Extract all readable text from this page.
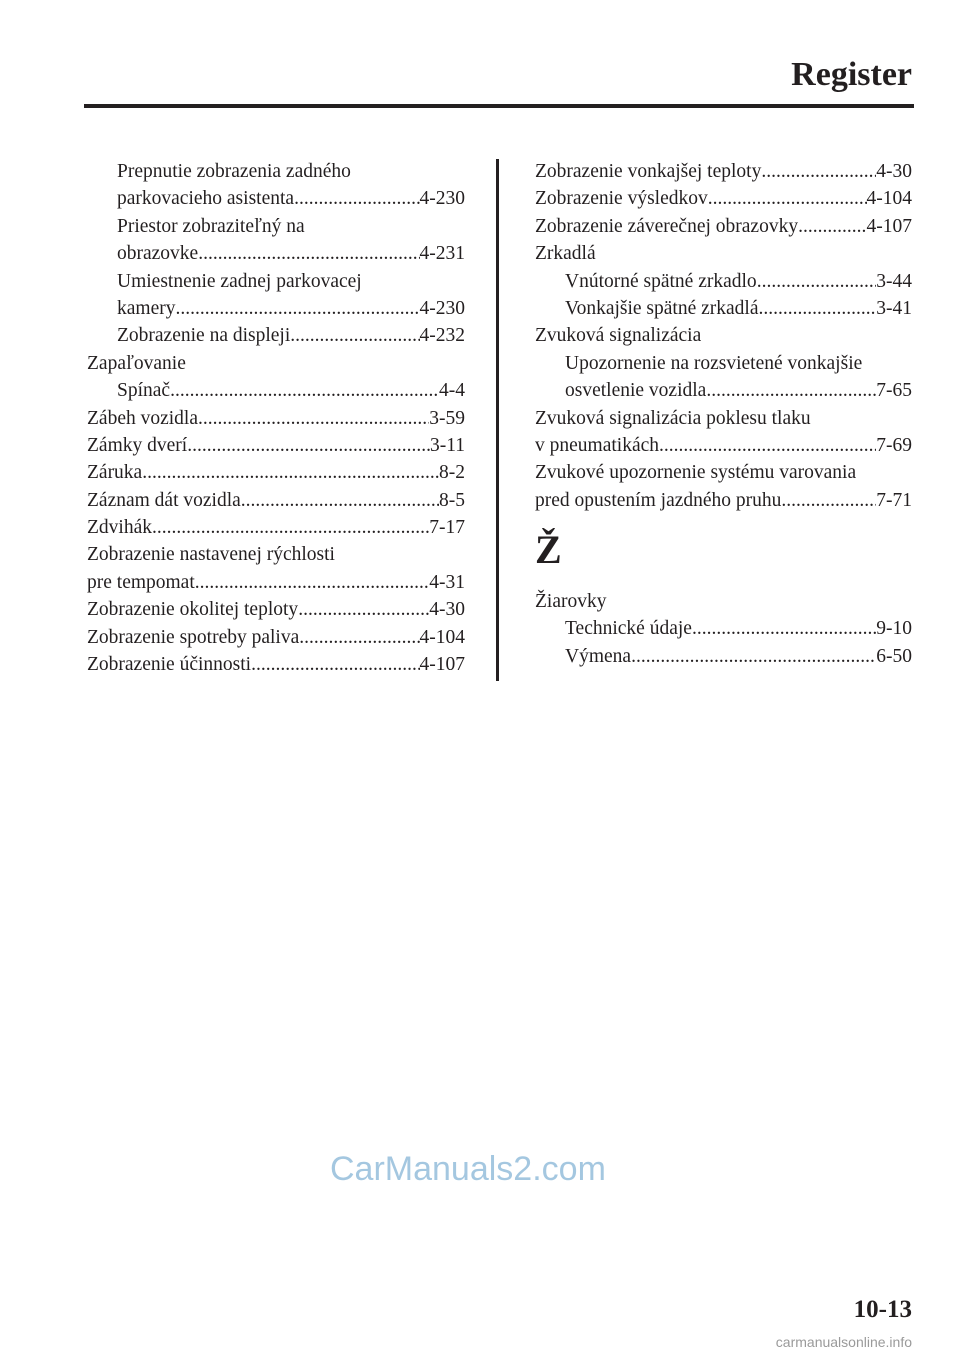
Register
Prepnutie zobrazenia zadného
parkovacieho asistenta .....	4-230
Priestor zobraziteľný na
obrazovke .....	4-231
Umiestnenie zadnej parkovacej
kamery .....	4-230
Zobrazenie na displeji .....	4-232
Zapaľovanie
Spínač .....	4-4
Zábeh vozidla .....	3-59
Zámky dverí .....	3-11
Záruka .....	8-2
Záznam dát vozidla .....	8-5
Zdvihák .....	7-17
Zobrazenie nastavenej rýchlosti
pre tempomat .....	4-31
Zobrazenie okolitej teploty .....	4-30
Zobrazenie spotreby paliva .....	4-104
Zobrazenie účinnosti .....	4-107
Zobrazenie vonkajšej teploty .....	4-30
Zobrazenie výsledkov .....	4-104
Zobrazenie záverečnej obrazovky .....	4-107
Zrkadlá
Vnútorné spätné zrkadlo .....	3-44
Vonkajšie spätné zrkadlá .....	3-41
Zvuková signalizácia
Upozornenie na rozsvietené vonkajšie
osvetlenie vozidla .....	7-65
Zvuková signalizácia poklesu tlaku
v pneumatikách .....	7-69
Zvukové upozornenie systému varovania
pred opustením jazdného pruhu .....	7-71
Ž
Žiarovky
Technické údaje .....	9-10
Výmena .....	6-50
CarManuals2.com
10-13
carmanualsonline.info
